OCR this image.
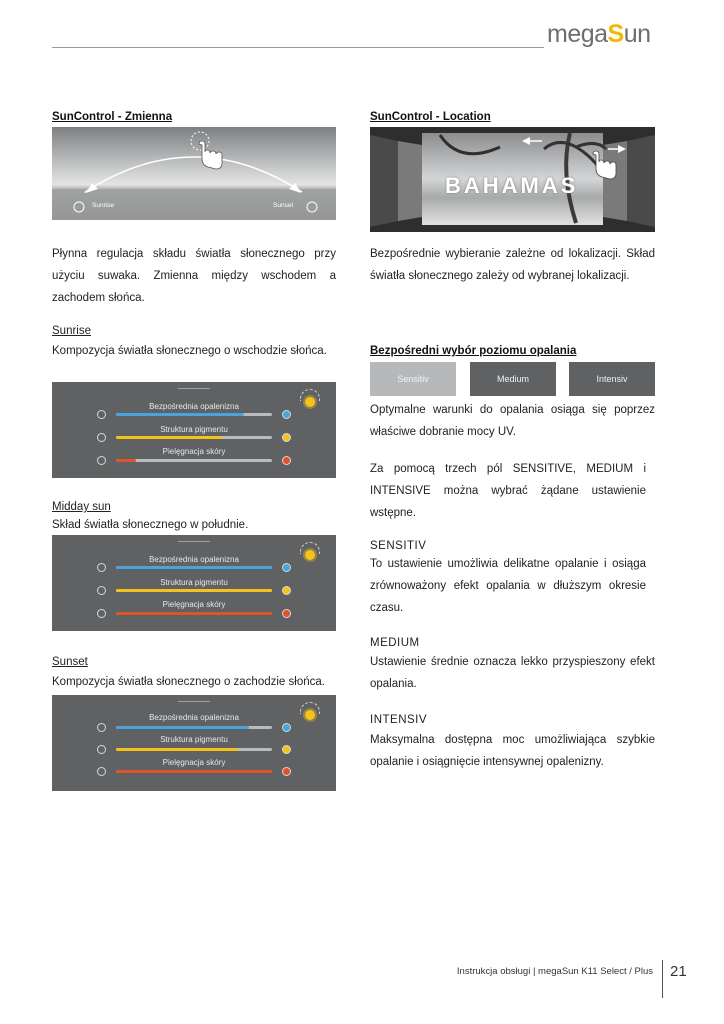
megaSun
SunControl - Zmienna
Sunrise	Sunset
Płynna regulacja składu światła słonecznego przy użyciu suwaka. Zmienna między wschodem a zachodem słońca.
Sunrise
Kompozycja światła słonecznego o wschodzie słońca.
Bezpośrednia opalenizna
Struktura pigmentu
Pielęgnacja skóry
Midday sun
Skład światła słonecznego w południe.
Bezpośrednia opalenizna
Struktura pigmentu
Pielęgnacja skóry
Sunset
Kompozycja światła słonecznego o zachodzie słońca.
Bezpośrednia opalenizna
Struktura pigmentu
Pielęgnacja skóry
SunControl - Location
BAHAMAS
Bezpośrednie wybieranie zależne od lokalizacji. Skład światła słonecznego zależy od wybranej lokalizacji.
Bezpośredni wybór poziomu opalania
Sensitiv	Medium	Intensiv
Optymalne warunki do opalania osiąga się poprzez właściwe dobranie mocy UV.
Za pomocą trzech pól SENSITIVE, MEDIUM i INTENSIVE można wybrać żądane ustawienie wstępne.
SENSITIV
To ustawienie umożliwia delikatne opalanie i osiąga zrównoważony efekt opalania w dłuższym okresie czasu.
MEDIUM
Ustawienie średnie oznacza lekko przyspieszony efekt opalania.
INTENSIV
Maksymalna dostępna moc umożliwiająca szybkie opalanie i osiągnięcie intensywnej opalenizny.
Instrukcja obsługi | megaSun K11 Select / Plus 21
